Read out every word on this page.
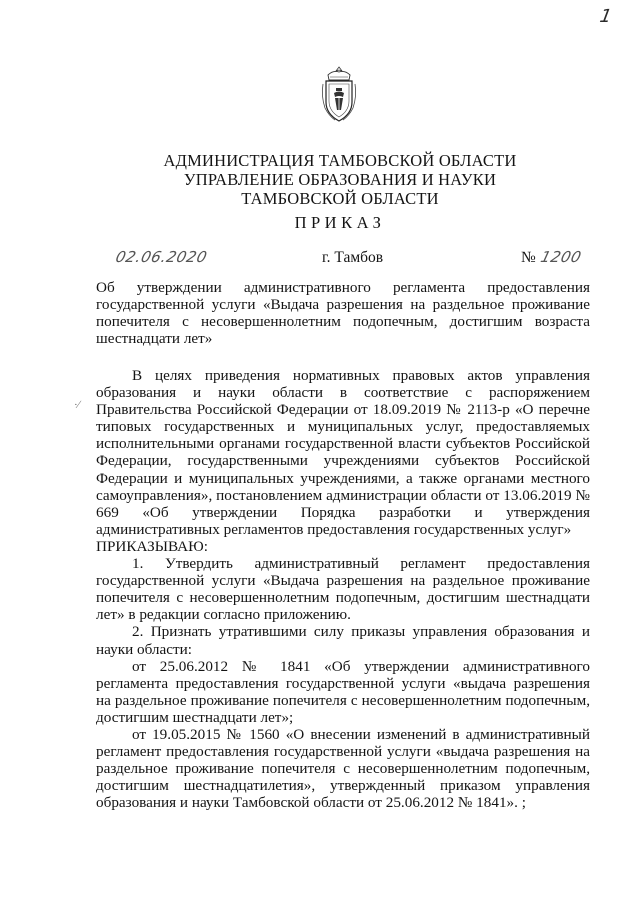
1
АДМИНИСТРАЦИЯ ТАМБОВСКОЙ ОБЛАСТИ
УПРАВЛЕНИЕ ОБРАЗОВАНИЯ И НАУКИ
ТАМБОВСКОЙ ОБЛАСТИ
ПРИКАЗ
02.06.2020	г. Тамбов	№ 1200
Об утверждении административного регламента предоставления государственной услуги «Выдача разрешения на раздельное проживание попечителя с несовершеннолетним подопечным, достигшим возраста шестнадцати лет»
·∕

В целях приведения нормативных правовых актов управления образования и науки области в соответствие с распоряжением Правительства Российской Федерации от 18.09.2019 № 2113-р «О перечне типовых государственных и муниципальных услуг, предоставляемых исполнительными органами государственной власти субъектов Российской Федерации, государственными учреждениями субъектов Российской Федерации и муниципальных учреждениями, а также органами местного самоуправления», постановлением администрации области от 13.06.2019 № 669 «Об утверждении Порядка разработки и утверждения административных регламентов предоставления государственных услуг»

ПРИКАЗЫВАЮ:

1. Утвердить административный регламент предоставления государственной услуги «Выдача разрешения на раздельное проживание попечителя с несовершеннолетним подопечным, достигшим шестнадцати лет» в редакции согласно приложению.

2. Признать утратившими силу приказы управления образования и науки области:

от 25.06.2012 № 1841 «Об утверждении административного регламента предоставления государственной услуги «выдача разрешения на раздельное проживание попечителя с несовершеннолетним подопечным, достигшим шестнадцати лет»;

от 19.05.2015 № 1560 «О внесении изменений в административный регламент предоставления государственной услуги «выдача разрешения на раздельное проживание попечителя с несовершеннолетним подопечным, достигшим шестнадцатилетия», утвержденный приказом управления образования и науки Тамбовской области от 25.06.2012 № 1841». ;
